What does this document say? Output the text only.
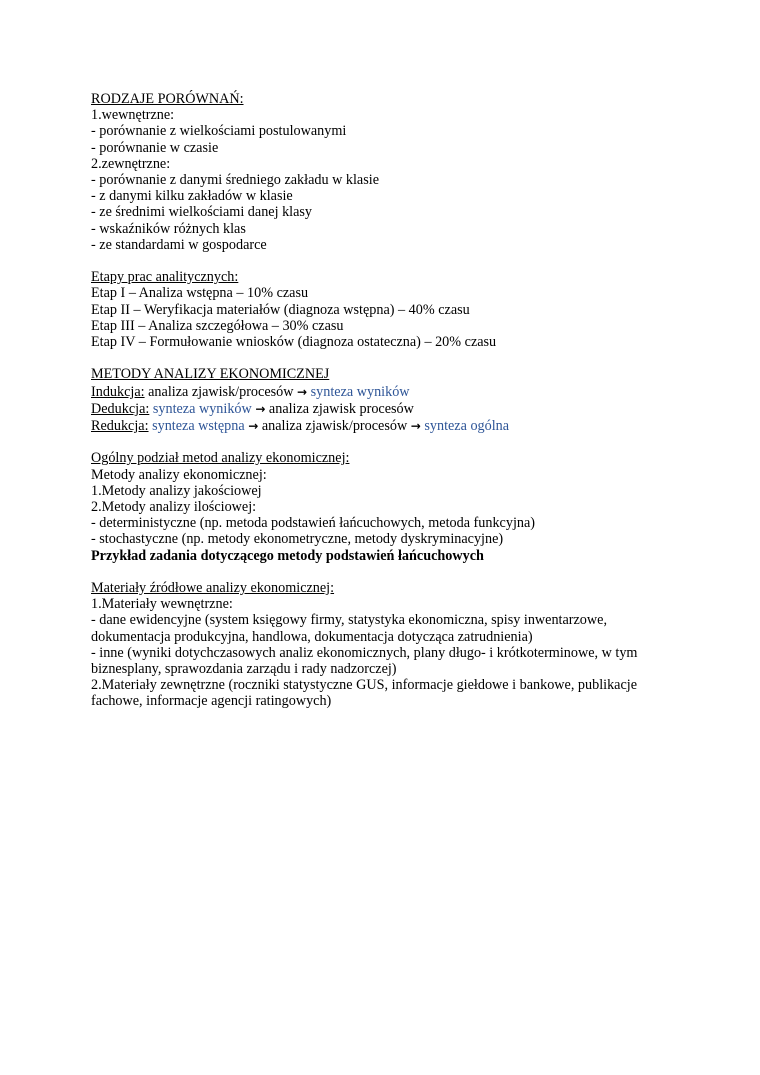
RODZAJE PORÓWNAŃ:
1.wewnętrzne:
- porównanie z wielkościami postulowanymi
- porównanie w czasie
2.zewnętrzne:
- porównanie z danymi średniego zakładu w klasie
- z danymi kilku zakładów w klasie
- ze średnimi wielkościami danej klasy
- wskaźników różnych klas
- ze standardami w gospodarce
Etapy prac analitycznych:
Etap I – Analiza wstępna – 10% czasu
Etap II – Weryfikacja materiałów (diagnoza wstępna) – 40% czasu
Etap III – Analiza szczegółowa – 30% czasu
Etap IV – Formułowanie wniosków (diagnoza ostateczna) – 20% czasu
METODY ANALIZY EKONOMICZNEJ
Indukcja: analiza zjawisk/procesów → synteza wyników
Dedukcja: synteza wyników → analiza zjawisk procesów
Redukcja: synteza wstępna → analiza zjawisk/procesów → synteza ogólna
Ogólny podział metod analizy ekonomicznej:
Metody analizy ekonomicznej:
1.Metody analizy jakościowej
2.Metody analizy ilościowej:
- deterministyczne (np. metoda podstawień łańcuchowych, metoda funkcyjna)
- stochastyczne (np. metody ekonometryczne, metody dyskryminacyjne)
Przykład zadania dotyczącego metody podstawień łańcuchowych
Materiały źródłowe analizy ekonomicznej:
1.Materiały wewnętrzne:
- dane ewidencyjne (system księgowy firmy, statystyka ekonomiczna, spisy inwentarzowe, dokumentacja produkcyjna, handlowa, dokumentacja dotycząca zatrudnienia)
- inne (wyniki dotychczasowych analiz ekonomicznych, plany długo- i krótkoterminowe, w tym biznesplany, sprawozdania zarządu i rady nadzorczej)
2.Materiały zewnętrzne (roczniki statystyczne GUS, informacje giełdowe i bankowe, publikacje fachowe, informacje agencji ratingowych)
